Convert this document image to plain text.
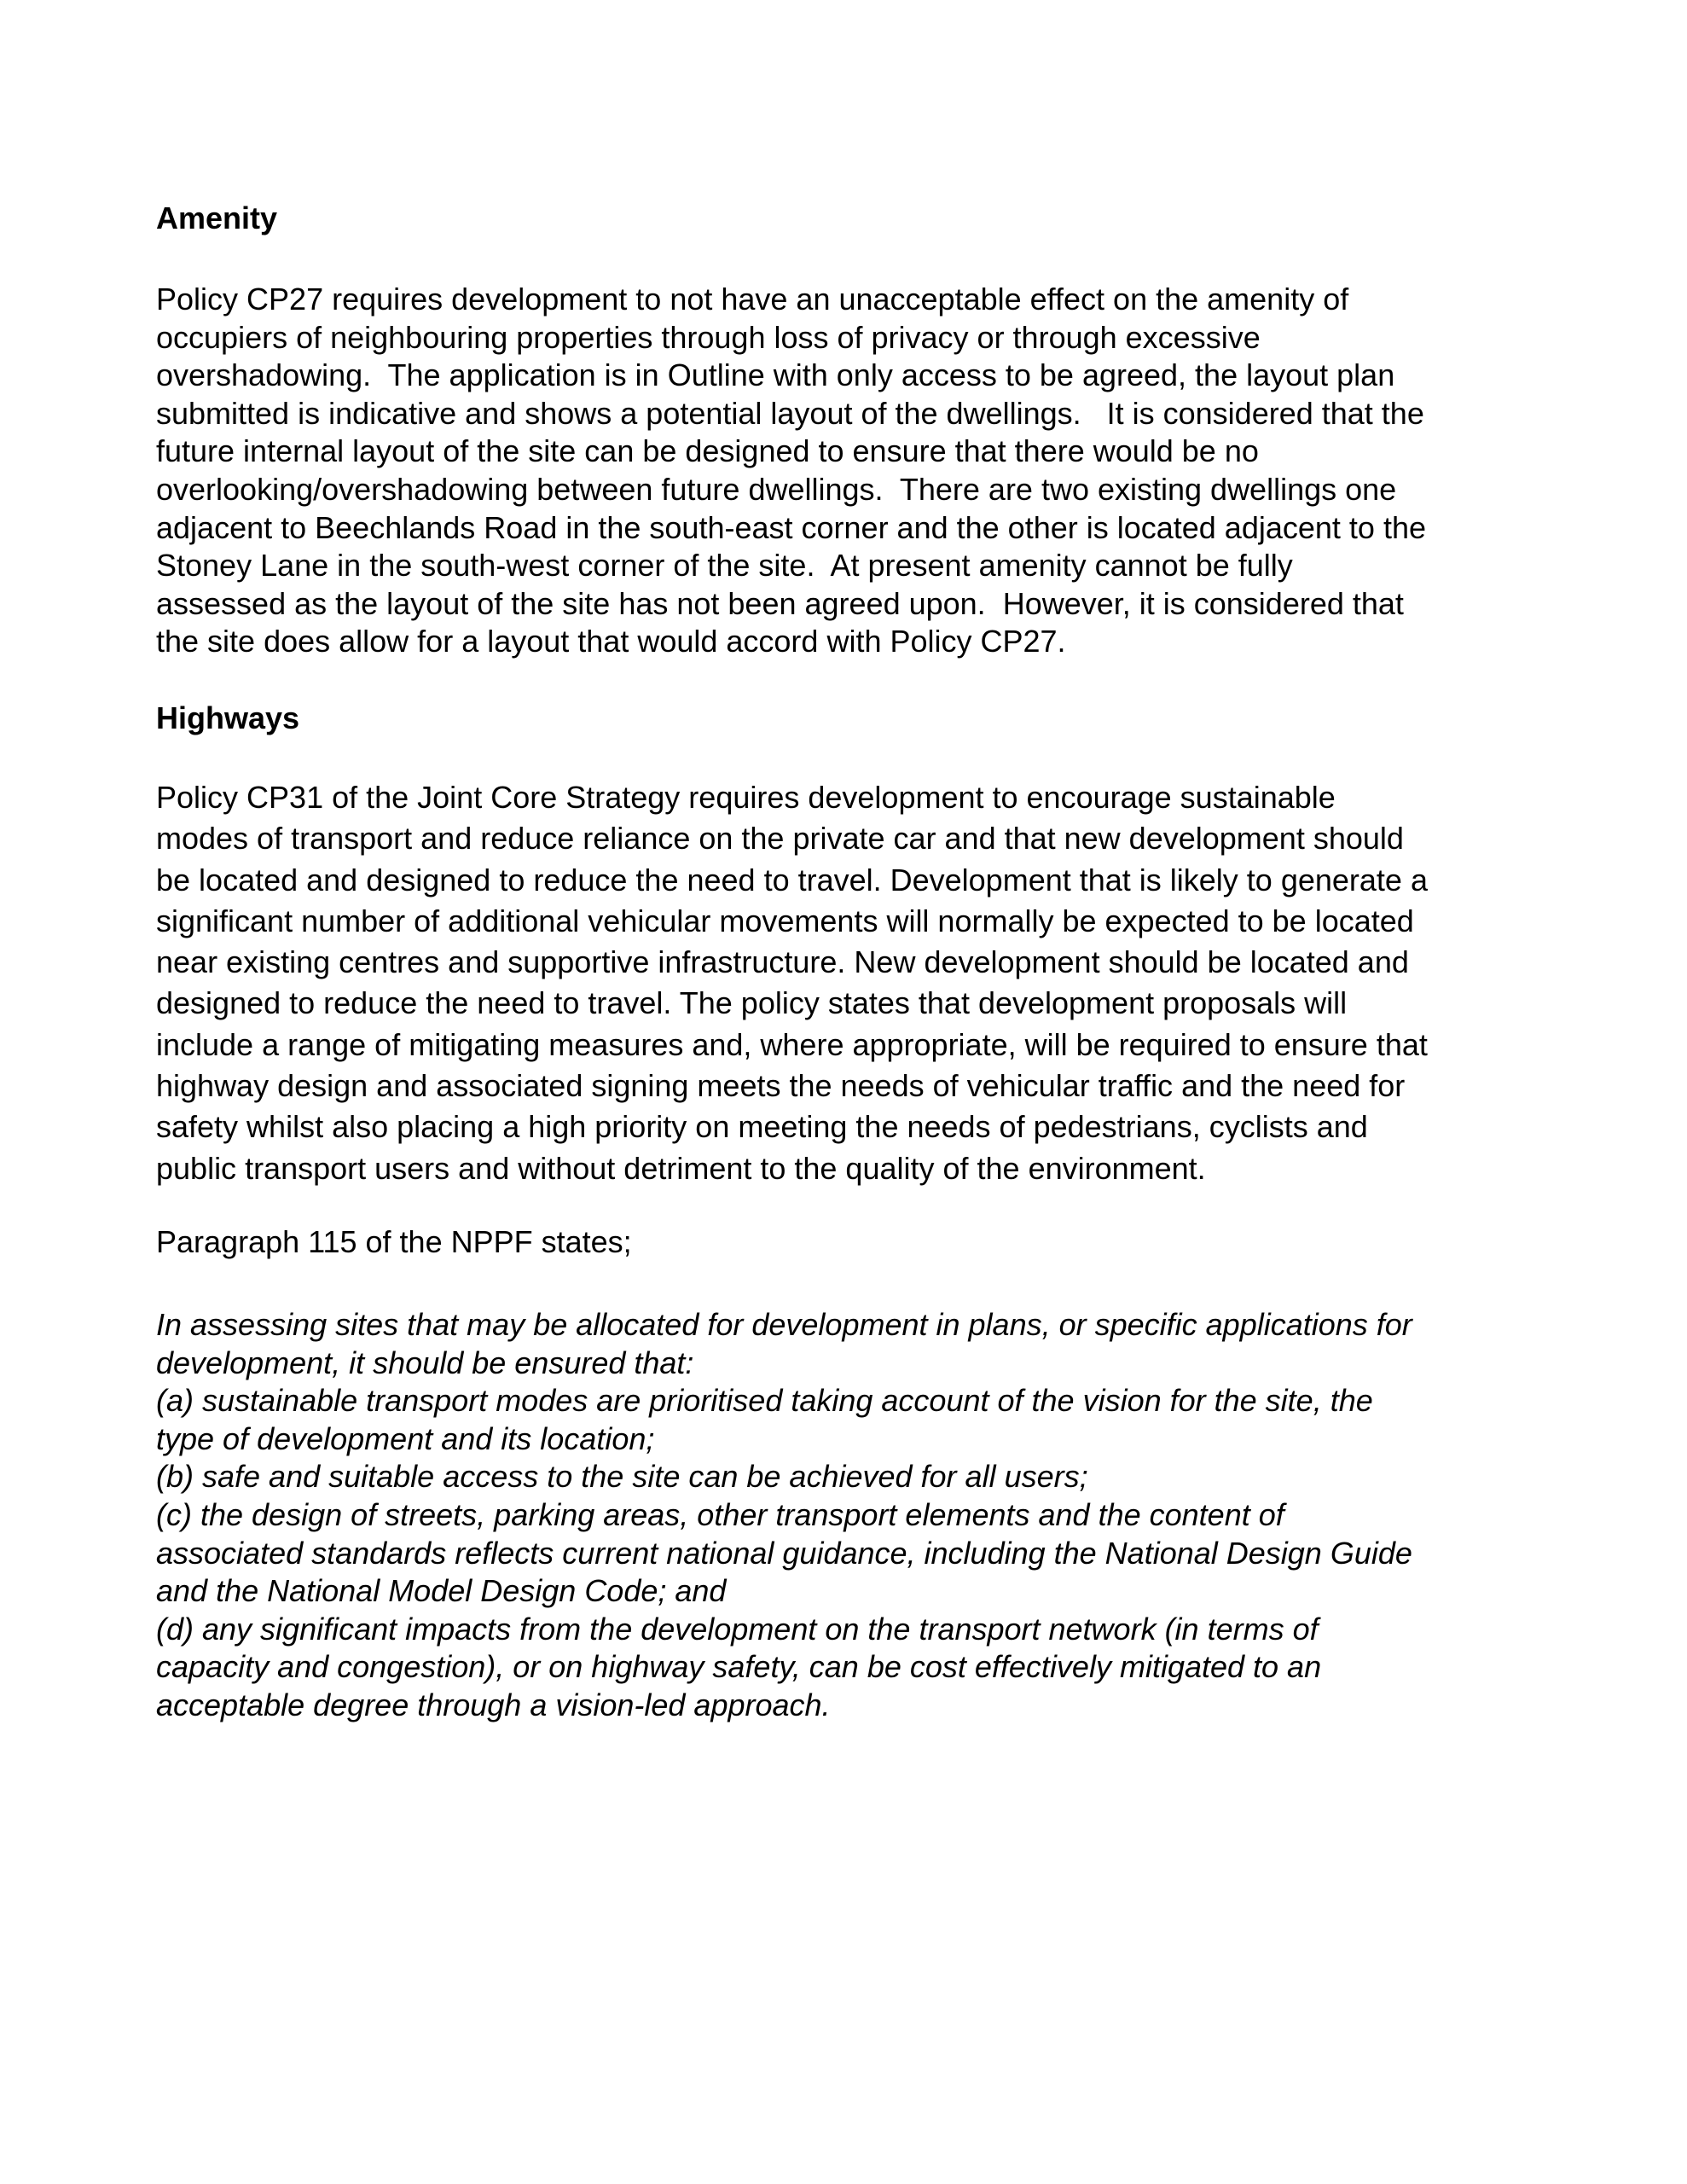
Amenity

Policy CP27 requires development to not have an unacceptable effect on the amenity of
occupiers of neighbouring properties through loss of privacy or through excessive
overshadowing.  The application is in Outline with only access to be agreed, the layout plan
submitted is indicative and shows a potential layout of the dwellings.   It is considered that the
future internal layout of the site can be designed to ensure that there would be no
overlooking/overshadowing between future dwellings.  There are two existing dwellings one
adjacent to Beechlands Road in the south-east corner and the other is located adjacent to the
Stoney Lane in the south-west corner of the site.  At present amenity cannot be fully
assessed as the layout of the site has not been agreed upon.  However, it is considered that
the site does allow for a layout that would accord with Policy CP27.

Highways

Policy CP31 of the Joint Core Strategy requires development to encourage sustainable
modes of transport and reduce reliance on the private car and that new development should
be located and designed to reduce the need to travel. Development that is likely to generate a
significant number of additional vehicular movements will normally be expected to be located
near existing centres and supportive infrastructure. New development should be located and
designed to reduce the need to travel. The policy states that development proposals will
include a range of mitigating measures and, where appropriate, will be required to ensure that
highway design and associated signing meets the needs of vehicular traffic and the need for
safety whilst also placing a high priority on meeting the needs of pedestrians, cyclists and
public transport users and without detriment to the quality of the environment.

Paragraph 115 of the NPPF states;

In assessing sites that may be allocated for development in plans, or specific applications for
development, it should be ensured that:
(a) sustainable transport modes are prioritised taking account of the vision for the site, the
type of development and its location;
(b) safe and suitable access to the site can be achieved for all users;
(c) the design of streets, parking areas, other transport elements and the content of
associated standards reflects current national guidance, including the National Design Guide
and the National Model Design Code; and
(d) any significant impacts from the development on the transport network (in terms of
capacity and congestion), or on highway safety, can be cost effectively mitigated to an
acceptable degree through a vision-led approach.
